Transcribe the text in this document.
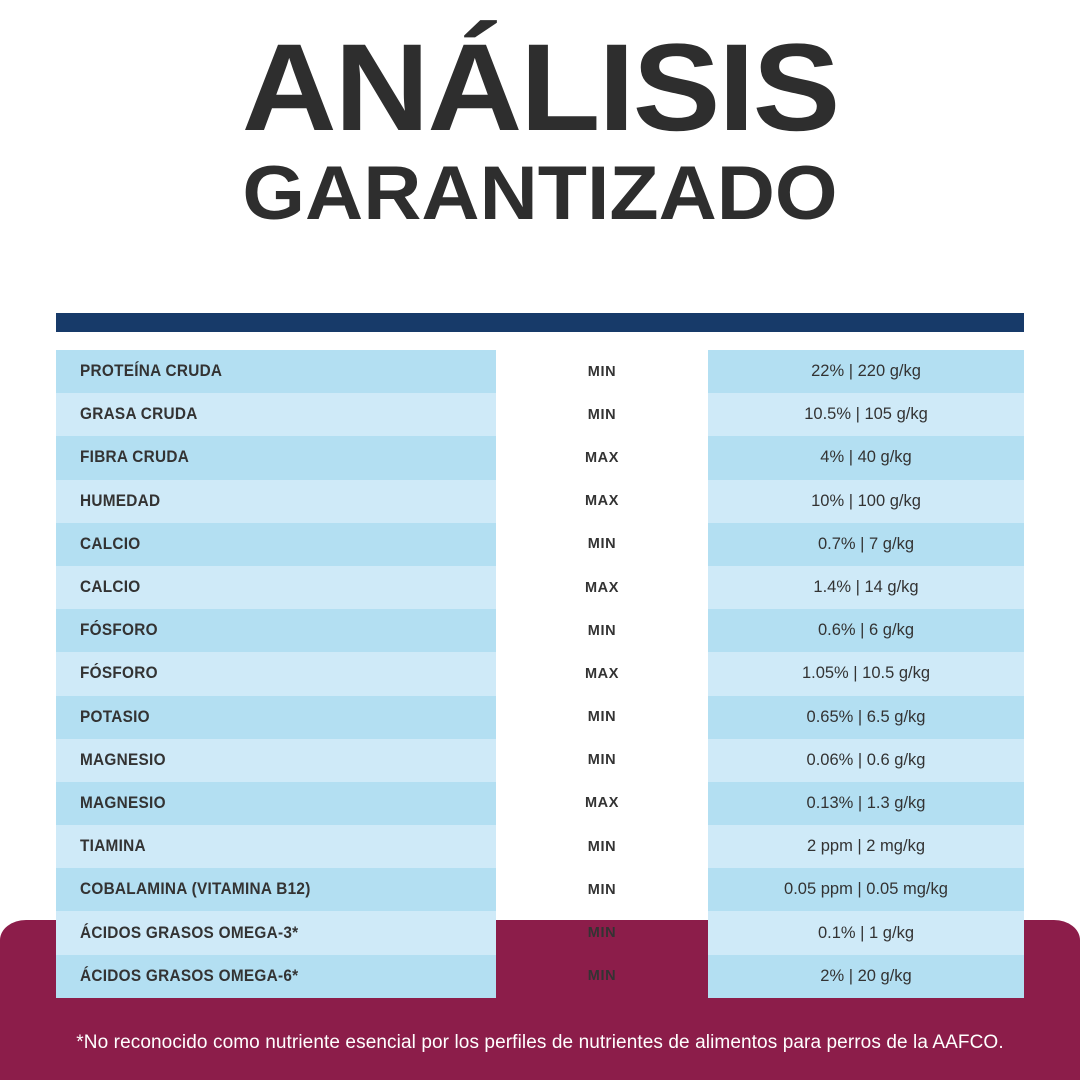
ANÁLISIS
GARANTIZADO
PROTEÍNA CRUDA	MIN	22% | 220 g/kg
GRASA CRUDA	MIN	10.5% | 105 g/kg
FIBRA CRUDA	MAX	4% | 40 g/kg
HUMEDAD	MAX	10% | 100 g/kg
CALCIO	MIN	0.7% | 7 g/kg
CALCIO	MAX	1.4% | 14 g/kg
FÓSFORO	MIN	0.6% | 6 g/kg
FÓSFORO	MAX	1.05% | 10.5 g/kg
POTASIO	MIN	0.65% | 6.5 g/kg
MAGNESIO	MIN	0.06% | 0.6 g/kg
MAGNESIO	MAX	0.13% | 1.3 g/kg
TIAMINA	MIN	2 ppm | 2 mg/kg
COBALAMINA (VITAMINA B12)	MIN	0.05 ppm | 0.05 mg/kg
ÁCIDOS GRASOS OMEGA-3*	MIN	0.1% | 1 g/kg
ÁCIDOS GRASOS OMEGA-6*	MIN	2% | 20 g/kg
*No reconocido como nutriente esencial por los perfiles de nutrientes de alimentos para perros de la AAFCO.
